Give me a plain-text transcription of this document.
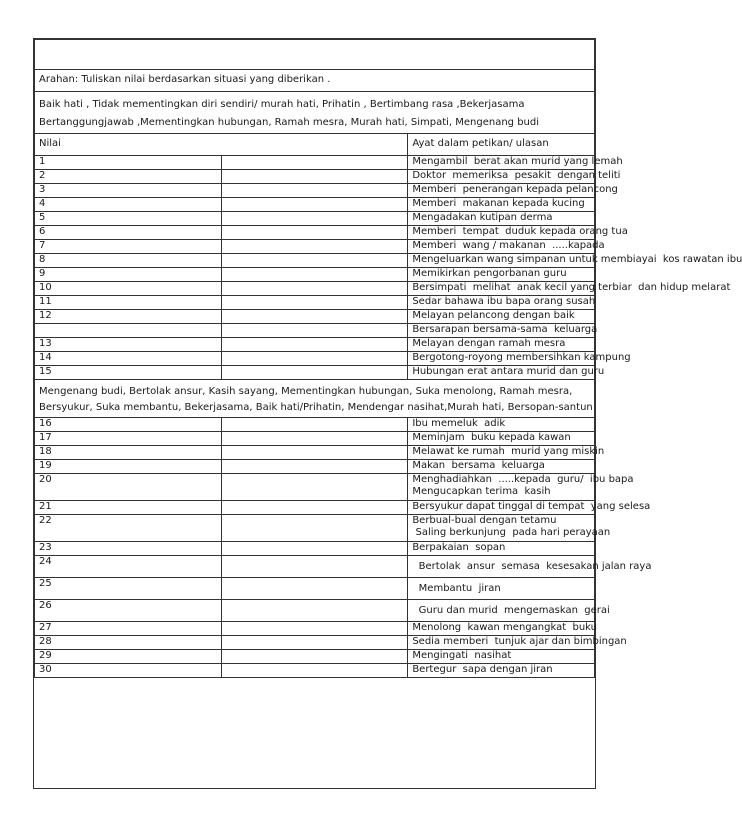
Arahan: Tuliskan nilai berdasarkan situasi yang diberikan .		

Baik hati , Tidak mementingkan diri sendiri/ murah hati, Prihatin , Bertimbang rasa ,Bekerjasama
Bertanggungjawab ,Mementingkan hubungan, Ramah mesra, Murah hati, Simpati, Mengenang budi		

Nilai		Ayat dalam petikan/ ulasan
1		Mengambil  berat akan murid yang lemah

2		Doktor  memeriksa  pesakit  dengan teliti

3		Memberi  penerangan kepada pelancong

4		Memberi  makanan kepada kucing

5		Mengadakan kutipan derma

6		Memberi  tempat  duduk kepada orang tua

7		Memberi  wang / makanan  .....kapada

8		Mengeluarkan wang simpanan untuk membiayai  kos rawatan ibu

9		Memikirkan pengorbanan guru

10		Bersimpati  melihat  anak kecil yang terbiar  dan hidup melarat

11		Sedar bahawa ibu bapa orang susah

12		Melayan pelancong dengan baik

		Bersarapan bersama-sama  keluarga

13		Melayan dengan ramah mesra

14		Bergotong-royong membersihkan kampung

15		Hubungan erat antara murid dan guru

Mengenang budi, Bertolak ansur, Kasih sayang, Mementingkan hubungan, Suka menolong, Ramah mesra,
Bersyukur, Suka membantu, Bekerjasama, Baik hati/Prihatin, Mendengar nasihat,Murah hati, Bersopan-santun		

16		Ibu memeluk  adik

17		Meminjam  buku kepada kawan

18		Melawat ke rumah  murid yang miskin

19		Makan  bersama  keluarga

20		Menghadiahkan  .....kepada  guru/  ibu bapa
Mengucapkan terima  kasih

21		Bersyukur dapat tinggal di tempat  yang selesa

22		Berbual-bual dengan tetamu
Saling berkunjung  pada hari perayaan

23		Berpakaian  sopan

24		Bertolak  ansur  semasa  kesesakan jalan raya

25		Membantu  jiran

26		Guru dan murid  mengemaskan  gerai

27		Menolong  kawan mengangkat  buku

28		Sedia memberi  tunjuk ajar dan bimbingan

29		Mengingati  nasihat

30		Bertegur  sapa dengan jiran
